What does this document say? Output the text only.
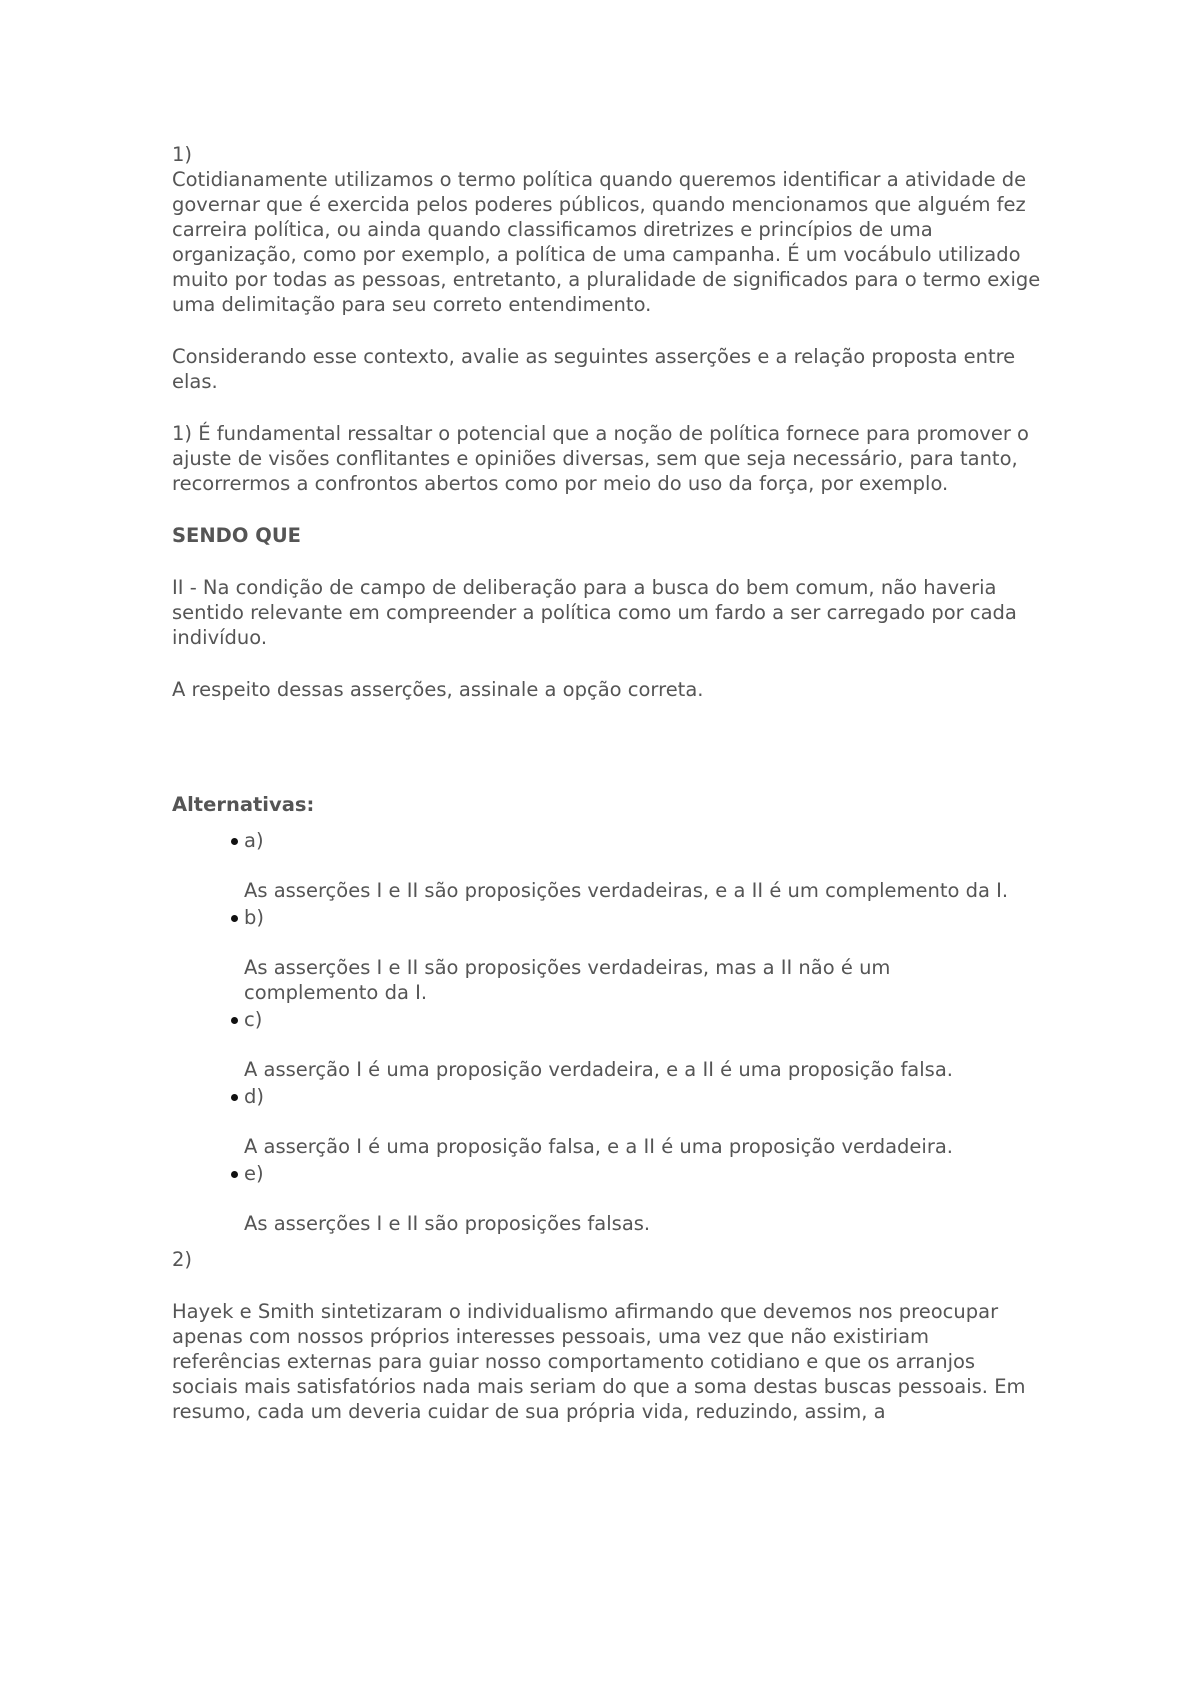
1)

Cotidianamente utilizamos o termo política quando queremos identificar a atividade de governar que é exercida pelos poderes públicos, quando mencionamos que alguém fez carreira política, ou ainda quando classificamos diretrizes e princípios de uma organização, como por exemplo, a política de uma campanha. É um vocábulo utilizado muito por todas as pessoas, entretanto, a pluralidade de significados para o termo exige uma delimitação para seu correto entendimento.

Considerando esse contexto, avalie as seguintes asserções e a relação proposta entre elas.

1) É fundamental ressaltar o potencial que a noção de política fornece para promover o ajuste de visões conflitantes e opiniões diversas, sem que seja necessário, para tanto, recorrermos a confrontos abertos como por meio do uso da força, por exemplo.

SENDO QUE

II - Na condição de campo de deliberação para a busca do bem comum, não haveria sentido relevante em compreender a política como um fardo a ser carregado por cada indivíduo.

A respeito dessas asserções, assinale a opção correta.

Alternativas:

a)
As asserções I e II são proposições verdadeiras, e a II é um complemento da I.
b)
As asserções I e II são proposições verdadeiras, mas a II não é um complemento da I.
c)
A asserção I é uma proposição verdadeira, e a II é uma proposição falsa.
d)
A asserção I é uma proposição falsa, e a II é uma proposição verdadeira.
e)
As asserções I e II são proposições falsas.

2)

Hayek e Smith sintetizaram o individualismo afirmando que devemos nos preocupar apenas com nossos próprios interesses pessoais, uma vez que não existiriam referências externas para guiar nosso comportamento cotidiano e que os arranjos sociais mais satisfatórios nada mais seriam do que a soma destas buscas pessoais. Em resumo, cada um deveria cuidar de sua própria vida, reduzindo, assim, a
